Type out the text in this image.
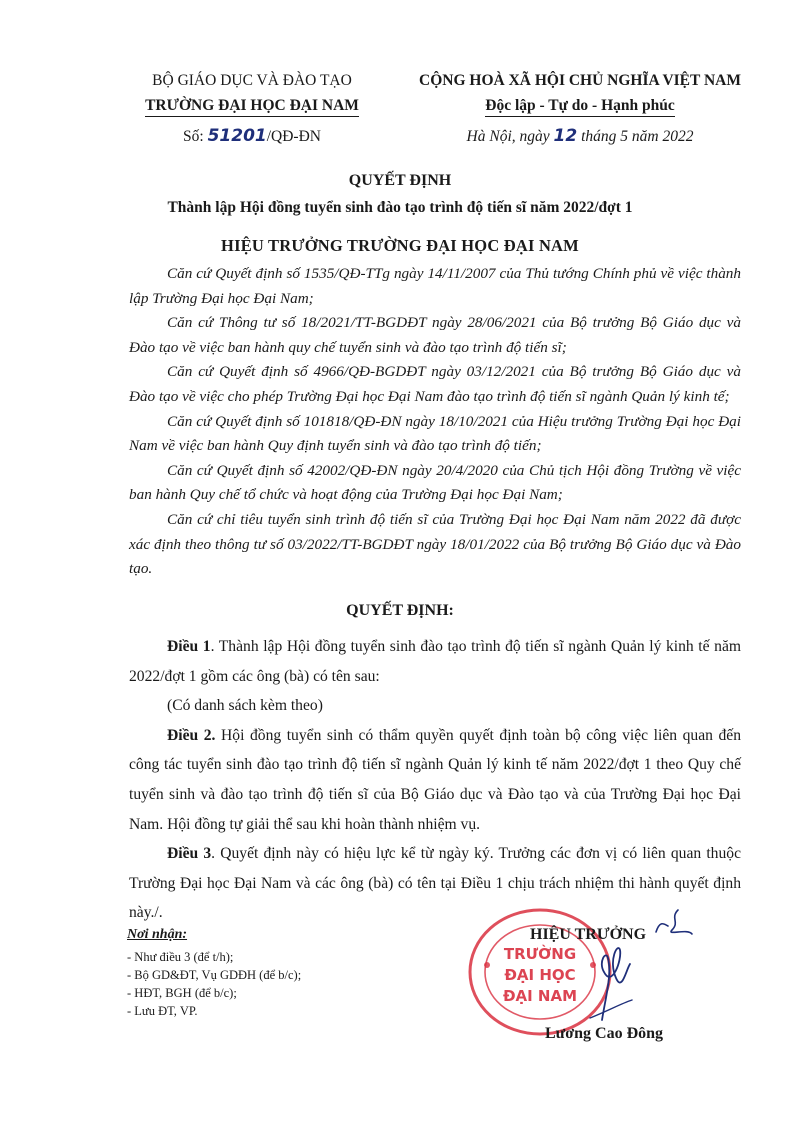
BỘ GIÁO DỤC VÀ ĐÀO TẠO
TRƯỜNG ĐẠI HỌC ĐẠI NAM
Số: 51201/QĐ-ĐN
CỘNG HOÀ XÃ HỘI CHỦ NGHĨA VIỆT NAM
Độc lập - Tự do - Hạnh phúc
Hà Nội, ngày 12 tháng 5 năm 2022
QUYẾT ĐỊNH
Thành lập Hội đồng tuyển sinh đào tạo trình độ tiến sĩ năm 2022/đợt 1
HIỆU TRƯỞNG TRƯỜNG ĐẠI HỌC ĐẠI NAM

Căn cứ Quyết định số 1535/QĐ-TTg ngày 14/11/2007 của Thủ tướng Chính phủ về việc thành lập Trường Đại học Đại Nam;

Căn cứ Thông tư số 18/2021/TT-BGDĐT ngày 28/06/2021 của Bộ trưởng Bộ Giáo dục và Đào tạo về việc ban hành quy chế tuyển sinh và đào tạo trình độ tiến sĩ;

Căn cứ Quyết định số 4966/QĐ-BGDĐT ngày 03/12/2021 của Bộ trưởng Bộ Giáo dục và Đào tạo về việc cho phép Trường Đại học Đại Nam đào tạo trình độ tiến sĩ ngành Quản lý kinh tế;

Căn cứ Quyết định số 101818/QĐ-ĐN ngày 18/10/2021 của Hiệu trưởng Trường Đại học Đại Nam về việc ban hành Quy định tuyển sinh và đào tạo trình độ tiến;

Căn cứ Quyết định số 42002/QĐ-ĐN ngày 20/4/2020 của Chủ tịch Hội đồng Trường về việc ban hành Quy chế tổ chức và hoạt động của Trường Đại học Đại Nam;

Căn cứ chỉ tiêu tuyển sinh trình độ tiến sĩ của Trường Đại học Đại Nam năm 2022 đã được xác định theo thông tư số 03/2022/TT-BGDĐT ngày 18/01/2022 của Bộ trưởng Bộ Giáo dục và Đào tạo.

QUYẾT ĐỊNH:

Điều 1. Thành lập Hội đồng tuyển sinh đào tạo trình độ tiến sĩ ngành Quản lý kinh tế năm 2022/đợt 1 gồm các ông (bà) có tên sau:

(Có danh sách kèm theo)

Điều 2. Hội đồng tuyển sinh có thẩm quyền quyết định toàn bộ công việc liên quan đến công tác tuyển sinh đào tạo trình độ tiến sĩ ngành Quản lý kinh tế năm 2022/đợt 1 theo Quy chế tuyển sinh và đào tạo trình độ tiến sĩ của Bộ Giáo dục và Đào tạo và của Trường Đại học Đại Nam. Hội đồng tự giải thể sau khi hoàn thành nhiệm vụ.

Điều 3. Quyết định này có hiệu lực kể từ ngày ký. Trưởng các đơn vị có liên quan thuộc Trường Đại học Đại Nam và các ông (bà) có tên tại Điều 1 chịu trách nhiệm thi hành quyết định này./.

Nơi nhận:
- Như điều 3 (để t/h);
- Bộ GD&ĐT, Vụ GDĐH (để b/c);
- HĐT, BGH (để b/c);
- Lưu ĐT, VP.
TRƯỜNG
ĐẠI HỌC
ĐẠI NAM
HIỆU TRƯỞNG
Lương Cao Đông
